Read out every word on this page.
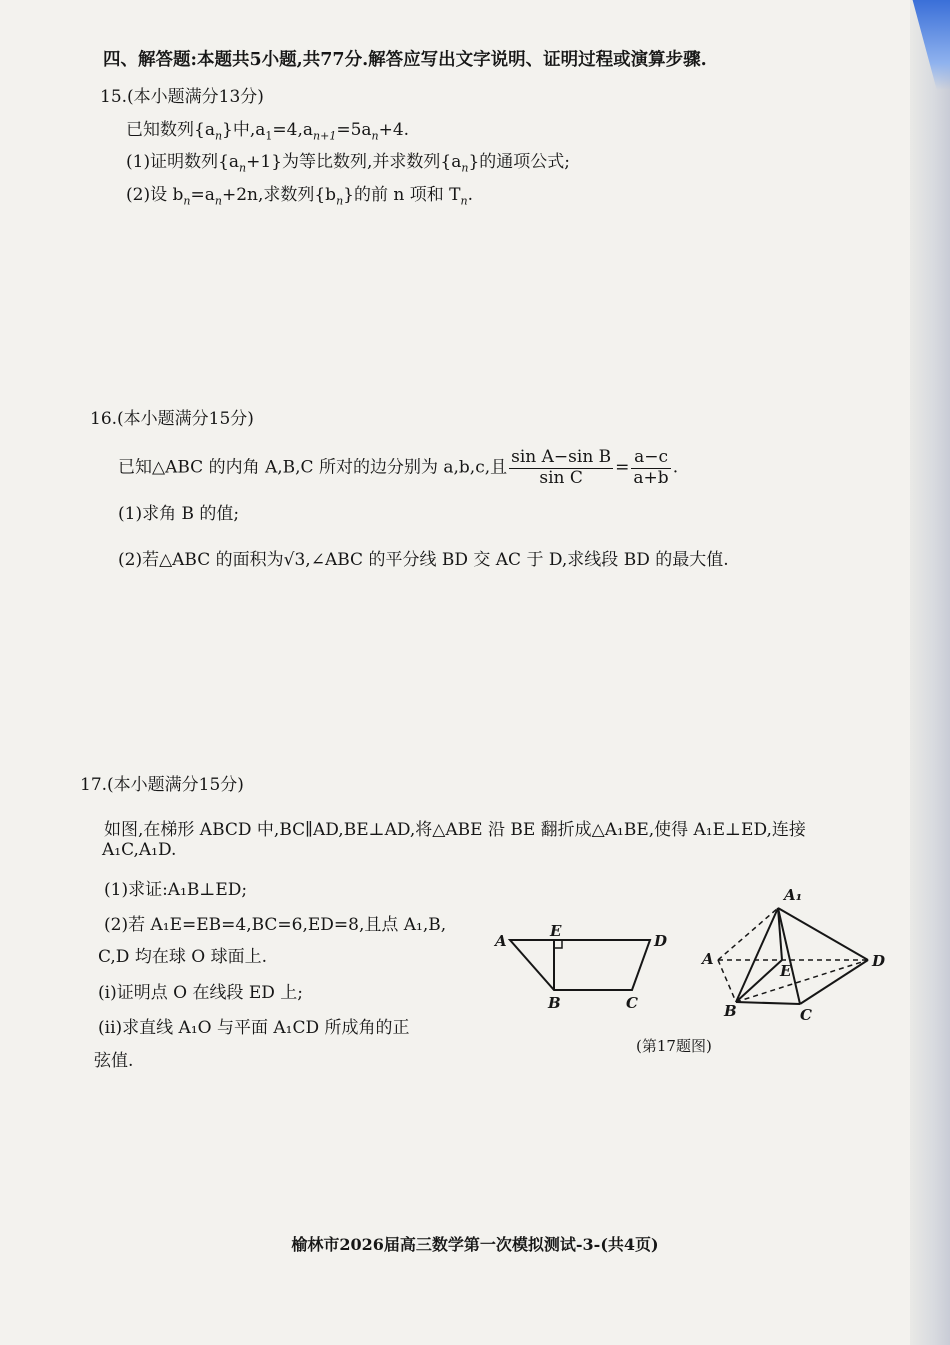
四、解答题:本题共5小题,共77分.解答应写出文字说明、证明过程或演算步骤.
15.(本小题满分13分)
已知数列$\{a_n\}$中$,a_1=4,a_{n+1}=5a_n+4$.
(1)证明数列$\{a_n+1\}$为等比数列,并求数列$\{a_n\}$的通项公式;
(2)设 $b_n=a_n+2n$,求数列$\{b_n\}$的前 n 项和 $T_n$.
16.(本小题满分15分)
已知△ABC 的内角 A,B,C 所对的边分别为 a,b,c,且 $\frac{\text{sin A−sin B}}{\text{sin C}} = \frac{a-c}{a+b}$ .
(1)求角 B 的值;
(2)若△ABC 的面积为√3,∠ABC 的平分线 BD 交 AC 于 D,求线段 BD 的最大值.
17.(本小题满分15分)
如图,在梯形 ABCD 中,BC∥AD,BE⊥AD,将△ABE 沿 BE 翻折成△A₁BE,使得 A₁E⊥ED,连接
A₁C,A₁D.
(1)求证:A₁B⊥ED;
(2)若 A₁E=EB=4,BC=6,ED=8,且点 A₁,B,
C,D 均在球 O 球面上.
(i)证明点 O 在线段 ED 上;
(ii)求直线 A₁O 与平面 A₁CD 所成角的正
弦值.
A
E
D
B	C
A₁
A
E
D
B	C
(第17题图)
榆林市2026届高三数学第一次模拟测试-3-(共4页)
